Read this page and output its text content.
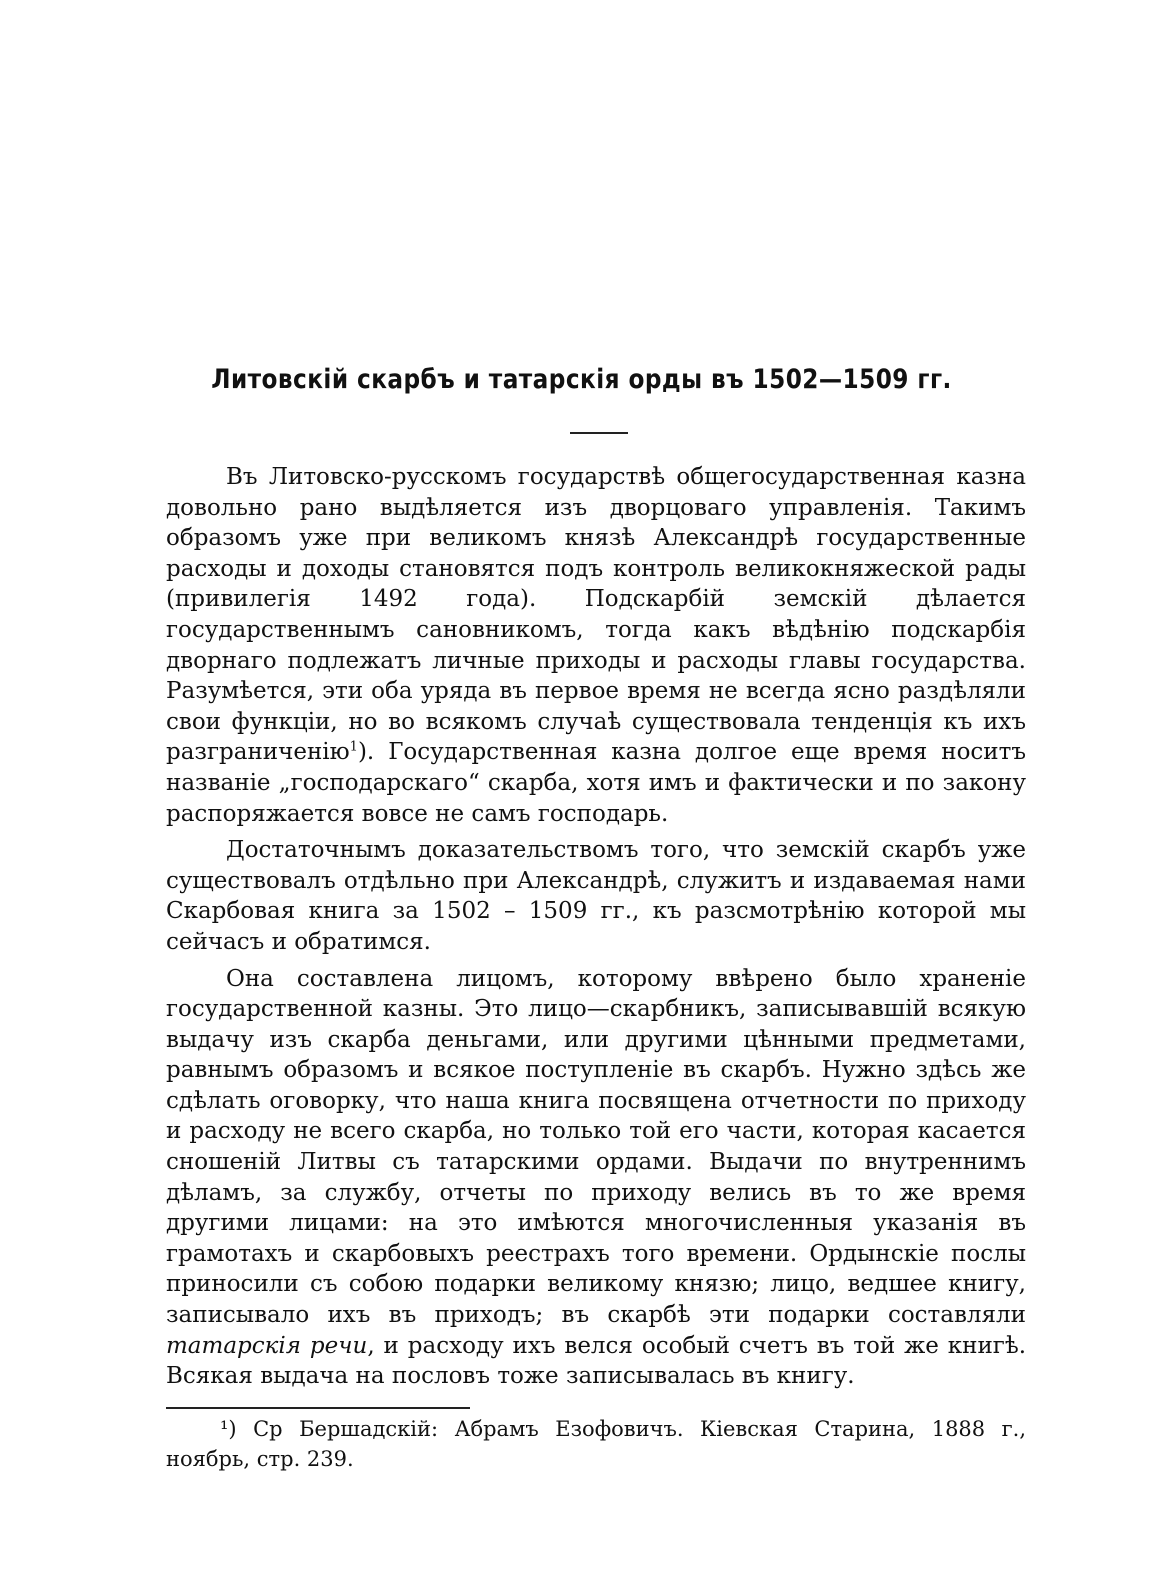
Литовскій скарбъ и татарскія орды въ 1502—1509 гг.

Въ Литовско-русскомъ государствѣ общегосударственная казна довольно рано выдѣляется изъ дворцоваго управленія. Такимъ образомъ уже при великомъ князѣ Александрѣ государственные расходы и доходы становятся подъ контроль великокняжеской рады (привилегія 1492 года). Подскарбій земскій дѣлается государственнымъ сановникомъ, тогда какъ вѣдѣнію подскарбія дворнаго подлежатъ личные приходы и расходы главы государства. Разумѣется, эти оба уряда въ первое время не всегда ясно раздѣляли свои функціи, но во всякомъ случаѣ существовала тенденція къ ихъ разграниченію$^1$). Государственная казна долгое еще время носитъ названіе „господарскаго“ скарба, хотя имъ и фактически и по закону распоряжается вовсе не самъ господарь.

Достаточнымъ доказательствомъ того, что земскій скарбъ уже существовалъ отдѣльно при Александрѣ, служитъ и издаваемая нами Скарбовая книга за 1502 – 1509 гг., къ разсмотрѣнію которой мы сейчасъ и обратимся.

Она составлена лицомъ, которому ввѣрено было храненіе государственной казны. Это лицо—скарбникъ, записывавшій всякую выдачу изъ скарба деньгами, или другими цѣнными предметами, равнымъ образомъ и всякое поступленіе въ скарбъ. Нужно здѣсь же сдѣлать оговорку, что наша книга посвящена отчетности по приходу и расходу не всего скарба, но только той его части, которая касается сношеній Литвы съ татарскими ордами. Выдачи по внутреннимъ дѣламъ, за службу, отчеты по приходу велись въ то же время другими лицами: на это имѣются многочисленныя указанія въ грамотахъ и скарбовыхъ реестрахъ того времени. Ордынскіе послы приносили съ собою подарки великому князю; лицо, ведшее книгу, записывало ихъ въ приходъ; въ скарбѣ эти подарки составляли татарскія речи, и расходу ихъ велся особый счетъ въ той же книгѣ. Всякая выдача на пословъ тоже записывалась въ книгу.

¹) Ср Бершадскій: Абрамъ Езофовичъ. Кіевская Старина, 1888 г., ноябрь, стр. 239.
